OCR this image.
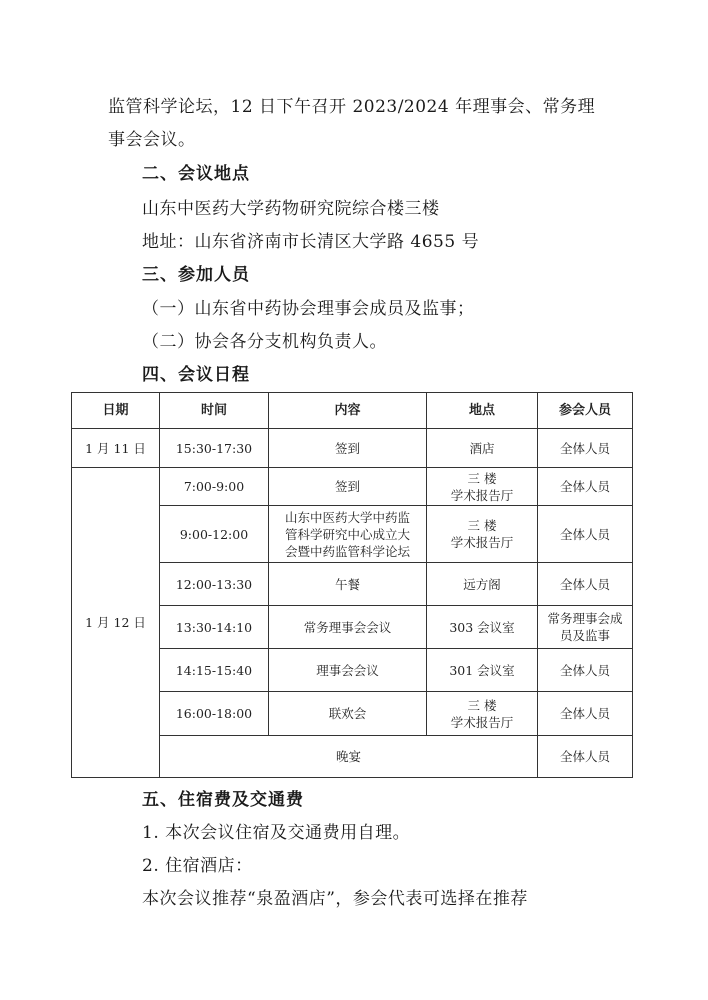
监管科学论坛，12 日下午召开 2023/2024 年理事会、常务理
事会会议。
二、会议地点
山东中医药大学药物研究院综合楼三楼
地址：山东省济南市长清区大学路 4655 号
三、参加人员
（一）山东省中药协会理事会成员及监事；
（二）协会各分支机构负责人。
四、会议日程
日期	时间	内容	地点	参会人员
1 月 11 日	15:30-17:30	签到	酒店	全体人员
1 月 12 日	7:00-9:00	签到	三 楼
学术报告厅	全体人员
	9:00-12:00	山东中医药大学中药监
管科学研究中心成立大
会暨中药监管科学论坛	三 楼
学术报告厅	全体人员
	12:00-13:30	午餐	远方阁	全体人员
	13:30-14:10	常务理事会会议	303 会议室	常务理事会成
员及监事
	14:15-15:40	理事会会议	301 会议室	全体人员
	16:00-18:00	联欢会	三 楼
学术报告厅	全体人员
	晚宴			全体人员
五、住宿费及交通费
1. 本次会议住宿及交通费用自理。
2. 住宿酒店：
本次会议推荐“泉盈酒店”，参会代表可选择在推荐
